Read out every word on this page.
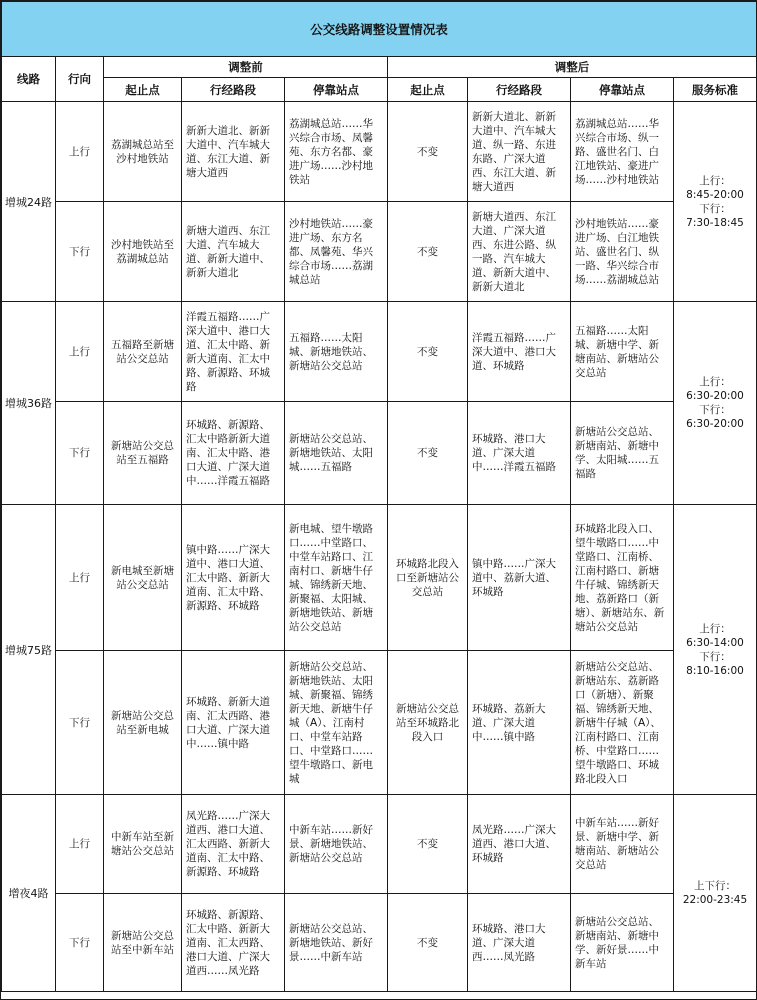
公交线路调整设置情况表								
线路	行向	调整前			调整后			
		起止点	行经路段	停靠站点	起止点	行经路段	停靠站点	服务标准
增城24路	上行	荔湖城总站至沙村地铁站	新新大道北、新新大道中、汽车城大道、东江大道、新塘大道西	荔湖城总站……华兴综合市场、凤馨苑、东方名都、豪进广场……沙村地铁站	不变	新新大道北、新新大道中、汽车城大道、纵一路、东进东路、广深大道西、东江大道、新塘大道西	荔湖城总站……华兴综合市场、纵一路、盛世名门、白江地铁站、豪进广场……沙村地铁站	上行：
8:45-20:00
下行：
7:30-18:45

	下行	沙村地铁站至荔湖城总站	新塘大道西、东江大道、汽车城大道、新新大道中、新新大道北	沙村地铁站……豪进广场、东方名都、凤馨苑、华兴综合市场……荔湖城总站	不变	新塘大道西、东江大道、广深大道西、东进公路、纵一路、汽车城大道、新新大道中、新新大道北	沙村地铁站……豪进广场、白江地铁站、盛世名门、纵一路、华兴综合市场……荔湖城总站	
增城36路	上行	五福路至新塘站公交总站	洋霞五福路……广深大道中、港口大道、汇太中路、新新大道南、汇太中路、新源路、环城路	五福路……太阳城、新塘地铁站、新塘站公交总站	不变	洋霞五福路……广深大道中、港口大道、环城路	五福路……太阳城、新塘中学、新塘南站、新塘站公交总站	上行：
6:30-20:00
下行：
6:30-20:00

	下行	新塘站公交总站至五福路	环城路、新源路、汇太中路新新大道南、汇太中路、港口大道、广深大道中……洋霞五福路	新塘站公交总站、新塘地铁站、太阳城……五福路	不变	环城路、港口大道、广深大道中……洋霞五福路	新塘站公交总站、新塘南站、新塘中学、太阳城……五福路	
增城75路	上行	新电城至新塘站公交总站	镇中路……广深大道中、港口大道、汇太中路、新新大道南、汇太中路、新源路、环城路	新电城、望牛墩路口……中堂路口、中堂车站路口、江南村口、新塘牛仔城、锦绣新天地、新聚福、太阳城、新塘地铁站、新塘站公交总站	环城路北段入口至新塘站公交总站	镇中路……广深大道中、荔新大道、环城路	环城路北段入口、望牛墩路口……中堂路口、江南桥、江南村路口、新塘牛仔城、锦绣新天地、荔新路口（新塘）、新塘站东、新塘站公交总站	上行：
6:30-14:00
下行：
8:10-16:00

	下行	新塘站公交总站至新电城	环城路、新新大道南、汇太西路、港口大道、广深大道中……镇中路	新塘站公交总站、新塘地铁站、太阳城、新聚福、锦绣新天地、新塘牛仔城（A）、江南村口、中堂车站路口、中堂路口……望牛墩路口、新电城	新塘站公交总站至环城路北段入口	环城路、荔新大道、广深大道中……镇中路	新塘站公交总站、新塘站东、荔新路口（新塘）、新聚福、锦绣新天地、新塘牛仔城（A）、江南村路口、江南桥、中堂路口……望牛墩路口、环城路北段入口	
增夜4路	上行	中新车站至新塘站公交总站	凤光路……广深大道西、港口大道、汇太西路、新新大道南、汇太中路、新源路、环城路	中新车站……新好景、新塘地铁站、新塘站公交总站	不变	凤光路……广深大道西、港口大道、环城路	中新车站……新好景、新塘中学、新塘南站、新塘站公交总站	上下行：
22:00-23:45

	下行	新塘站公交总站至中新车站	环城路、新源路、汇太中路、新新大道南、汇太西路、港口大道、广深大道西……凤光路	新塘站公交总站、新塘地铁站、新好景……中新车站	不变	环城路、港口大道、广深大道西……凤光路	新塘站公交总站、新塘南站、新塘中学、新好景……中新车站	
